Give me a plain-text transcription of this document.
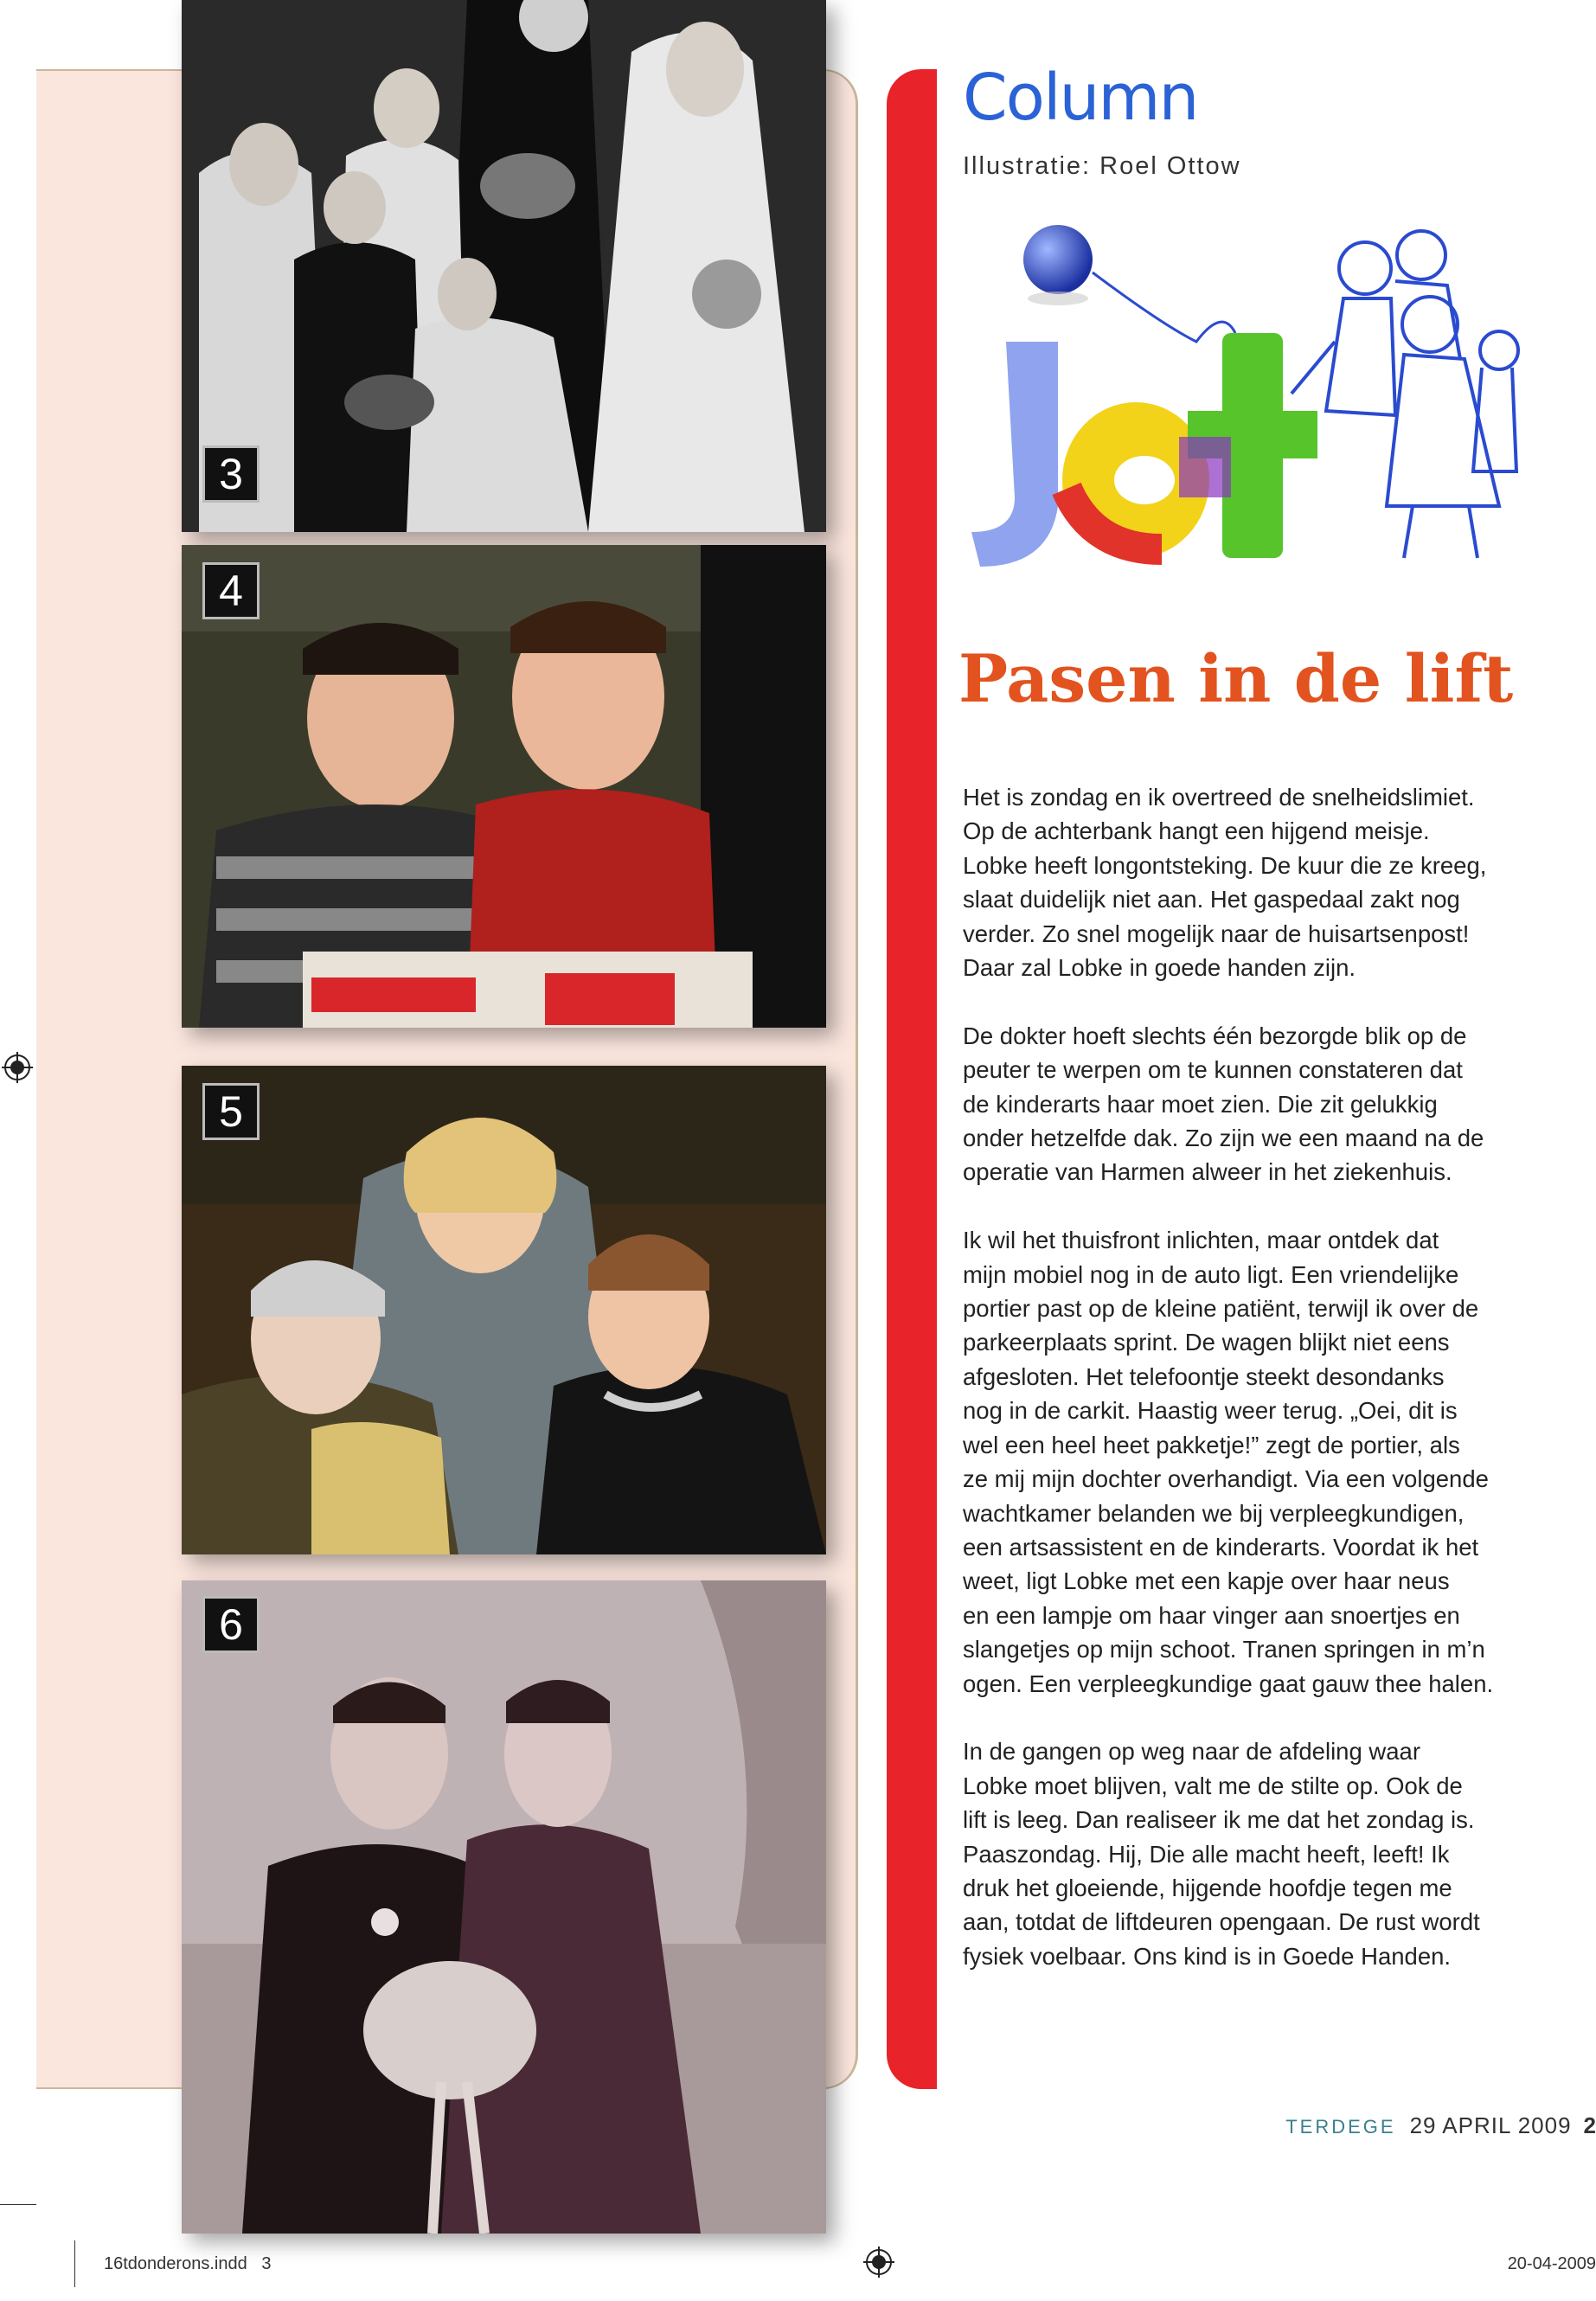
3
4
5
6
Column
Illustratie: Roel Ottow
Pasen in de lift

Het is zondag en ik overtreed de snelheidslimiet.
Op de achterbank hangt een hijgend meisje.
Lobke heeft longontsteking. De kuur die ze kreeg,
slaat duidelijk niet aan. Het gaspedaal zakt nog
verder. Zo snel mogelijk naar de huisartsenpost!
Daar zal Lobke in goede handen zijn.

De dokter hoeft slechts één bezorgde blik op de
peuter te werpen om te kunnen constateren dat
de kinderarts haar moet zien. Die zit gelukkig
onder hetzelfde dak. Zo zijn we een maand na de
operatie van Harmen alweer in het ziekenhuis.

Ik wil het thuisfront inlichten, maar ontdek dat
mijn mobiel nog in de auto ligt. Een vriendelijke
portier past op de kleine patiënt, terwijl ik over de
parkeerplaats sprint. De wagen blijkt niet eens
afgesloten. Het telefoontje steekt desondanks
nog in de carkit. Haastig weer terug. „Oei, dit is
wel een heel heet pakketje!” zegt de portier, als
ze mij mijn dochter overhandigt. Via een volgende
wachtkamer belanden we bij verpleegkundigen,
een artsassistent en de kinderarts. Voordat ik het
weet, ligt Lobke met een kapje over haar neus
en een lampje om haar vinger aan snoertjes en
slangetjes op mijn schoot. Tranen springen in m’n
ogen. Een verpleegkundige gaat gauw thee halen.

In de gangen op weg naar de afdeling waar
Lobke moet blijven, valt me de stilte op. Ook de
lift is leeg. Dan realiseer ik me dat het zondag is.
Paaszondag. Hij, Die alle macht heeft, leeft! Ik
druk het gloeiende, hijgende hoofdje tegen me
aan, totdat de liftdeuren opengaan. De rust wordt
fysiek voelbaar. Ons kind is in Goede Handen.

TERDEGE 29 APRIL 2009 2
16tdonderons.indd   3	20-04-2009
